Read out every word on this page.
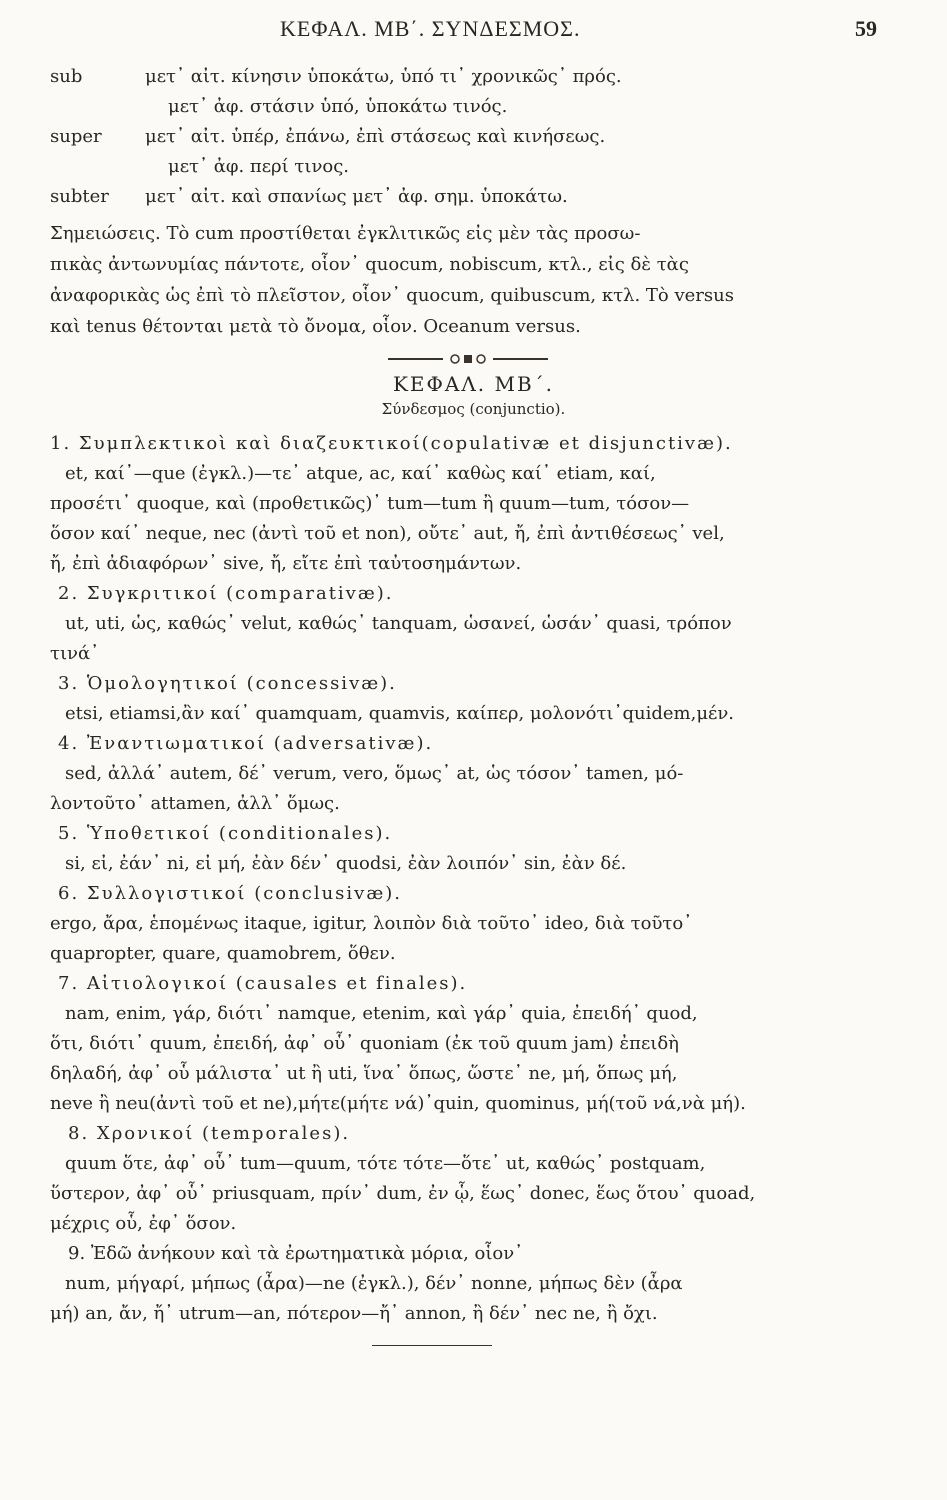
ΚΕΦΑΛ. ΜΒ΄. ΣΥΝΔΕΣΜΟΣ.	59
sub	μετ᾽ αἰτ. κίνησιν ὑποκάτω, ὑπό τι᾽ χρονικῶς᾽ πρός.
μετ᾽ ἀφ. στάσιν ὑπό, ὑποκάτω τινός.
super	μετ᾽ αἰτ. ὑπέρ, ἐπάνω, ἐπὶ στάσεως καὶ κινήσεως.
μετ᾽ ἀφ. περί τινος.
subter	μετ᾽ αἰτ. καὶ σπανίως μετ᾽ ἀφ. σημ. ὑποκάτω.
Σημειώσεις. Τὸ cum προστίθεται ἐγκλιτικῶς εἰς μὲν τὰς προσω-
πικὰς ἀντωνυμίας πάντοτε, οἷον᾽ quocum, nobiscum, κτλ., εἰς δὲ τὰς
ἀναφορικὰς ὡς ἐπὶ τὸ πλεῖστον, οἷον᾽ quocum, quibuscum, κτλ. Τὸ versus
καὶ tenus θέτονται μετὰ τὸ ὄνομα, οἷον. Oceanum versus.
ΚΕΦΑΛ. ΜΒ΄.
Σύνδεσμος (conjunctio).
1. Συμπλεκτικοὶ καὶ διαζευκτικοί(copulativæ et disjunctivæ).
et, καί᾽—que (ἐγκλ.)—τε᾽ atque, ac, καί᾽ καθὼς καί᾽ etiam, καί,
προσέτι᾽ quoque, καὶ (προθετικῶς)᾽ tum—tum ἢ quum—tum, τόσον—
ὅσον καί᾽ neque, nec (ἀντὶ τοῦ et non), οὔτε᾽ aut, ἤ, ἐπὶ ἀντιθέσεως᾽ vel,
ἤ, ἐπὶ ἀδιαφόρων᾽ sive, ἤ, εἴτε ἐπὶ ταὐτοσημάντων.
2. Συγκριτικοί (comparativæ).
ut, uti, ὡς, καθώς᾽ velut, καθώς᾽ tanquam, ὡσανεί, ὡσάν᾽ quasi, τρόπον
τινά᾽
3. Ὁμολογητικοί (concessivæ).
etsi, etiamsi,ἂν καί᾽ quamquam, quamvis, καίπερ, μολονότι᾽quidem,μέν.
4. Ἐναντιωματικοί (adversativæ).
sed, ἀλλά᾽ autem, δέ᾽ verum, vero, ὅμως᾽ at, ὡς τόσον᾽ tamen, μό-
λοντοῦτο᾽ attamen, ἀλλ᾽ ὅμως.
5. Ὑποθετικοί (conditionales).
si, εἰ, ἐάν᾽ ni, εἰ μή, ἐὰν δέν᾽ quodsi, ἐὰν λοιπόν᾽ sin, ἐὰν δέ.
6. Συλλογιστικοί (conclusivæ).
ergo, ἄρα, ἑπομένως itaque, igitur, λοιπὸν διὰ τοῦτο᾽ ideo, διὰ τοῦτο᾽
quapropter, quare, quamobrem, ὅθεν.
7. Αἰτιολογικοί (causales et finales).
nam, enim, γάρ, διότι᾽ namque, etenim, καὶ γάρ᾽ quia, ἐπειδή᾽ quod,
ὅτι, διότι᾽ quum, ἐπειδή, ἀφ᾽ οὗ᾽ quoniam (ἐκ τοῦ quum jam) ἐπειδὴ
δηλαδή, ἀφ᾽ οὗ μάλιστα᾽ ut ἢ uti, ἵνα᾽ ὅπως, ὥστε᾽ ne, μή, ὅπως μή,
neve ἢ neu(ἀντὶ τοῦ et ne),μήτε(μήτε νά)᾽quin, quominus, μή(τοῦ νά,νὰ μή).
8. Χρονικοί (temporales).
quum ὅτε, ἀφ᾽ οὗ᾽ tum—quum, τότε τότε—ὅτε᾽ ut, καθώς᾽ postquam,
ὕστερον, ἀφ᾽ οὗ᾽ priusquam, πρίν᾽ dum, ἐν ᾧ, ἕως᾽ donec, ἕως ὅτου᾽ quoad,
μέχρις οὗ, ἐφ᾽ ὅσον.
9. Ἐδῶ ἀνήκουν καὶ τὰ ἐρωτηματικὰ μόρια, οἷον᾽
num, μήγαρί, μήπως (ἆρα)—ne (ἐγκλ.), δέν᾽ nonne, μήπως δὲν (ἆρα
μή) an, ἄν, ἤ᾽ utrum—an, πότερον—ἤ᾽ annon, ἢ δέν᾽ nec ne, ἢ ὄχι.
